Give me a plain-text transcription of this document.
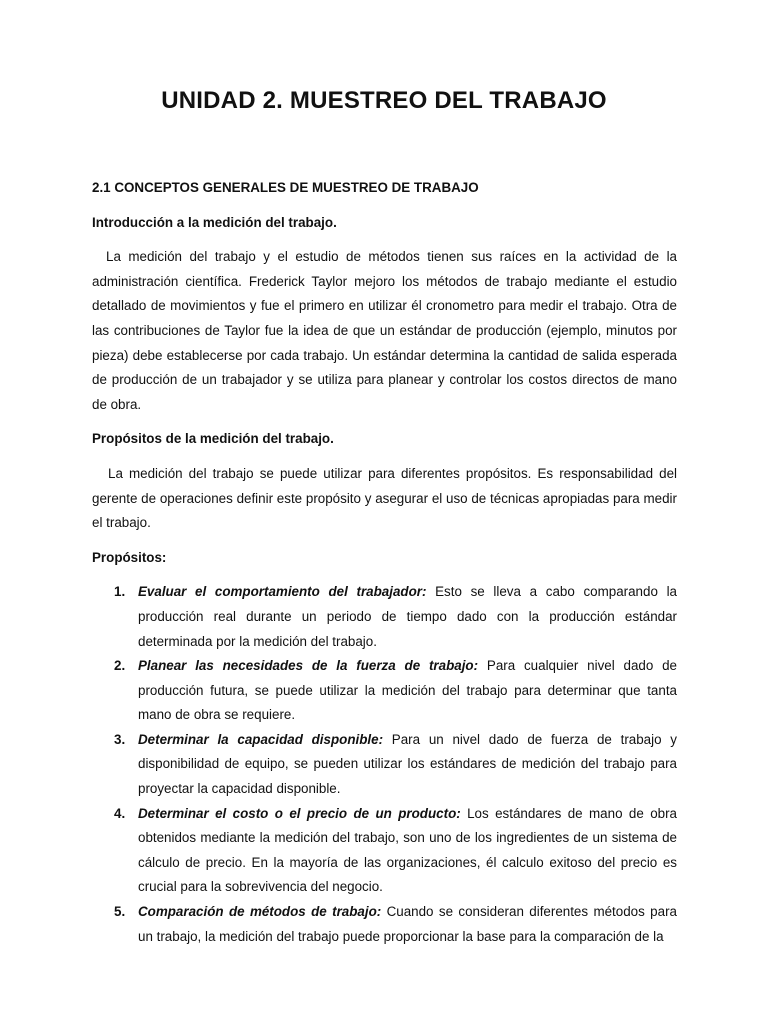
UNIDAD 2. MUESTREO DEL TRABAJO

2.1 CONCEPTOS GENERALES DE MUESTREO DE TRABAJO

Introducción a la medición del trabajo.

La medición del trabajo y el estudio de métodos tienen sus raíces en la actividad de la administración científica. Frederick Taylor mejoro los métodos de trabajo mediante el estudio detallado de movimientos y fue el primero en utilizar él cronometro para medir el trabajo. Otra de las contribuciones de Taylor fue la idea de que un estándar de producción (ejemplo, minutos por pieza) debe establecerse por cada trabajo. Un estándar determina la cantidad de salida esperada de producción de un trabajador y se utiliza para planear y controlar los costos directos de mano de obra.

Propósitos de la medición del trabajo.

La medición del trabajo se puede utilizar para diferentes propósitos. Es responsabilidad del gerente de operaciones definir este propósito y asegurar el uso de técnicas apropiadas para medir el trabajo.

Propósitos:

1. Evaluar el comportamiento del trabajador: Esto se lleva a cabo comparando la producción real durante un periodo de tiempo dado con la producción estándar determinada por la medición del trabajo.
2. Planear las necesidades de la fuerza de trabajo: Para cualquier nivel dado de producción futura, se puede utilizar la medición del trabajo para determinar que tanta mano de obra se requiere.
3. Determinar la capacidad disponible: Para un nivel dado de fuerza de trabajo y disponibilidad de equipo, se pueden utilizar los estándares de medición del trabajo para proyectar la capacidad disponible.
4. Determinar el costo o el precio de un producto: Los estándares de mano de obra obtenidos mediante la medición del trabajo, son uno de los ingredientes de un sistema de cálculo de precio. En la mayoría de las organizaciones, él calculo exitoso del precio es crucial para la sobrevivencia del negocio.
5. Comparación de métodos de trabajo: Cuando se consideran diferentes métodos para un trabajo, la medición del trabajo puede proporcionar la base para la comparación de la
